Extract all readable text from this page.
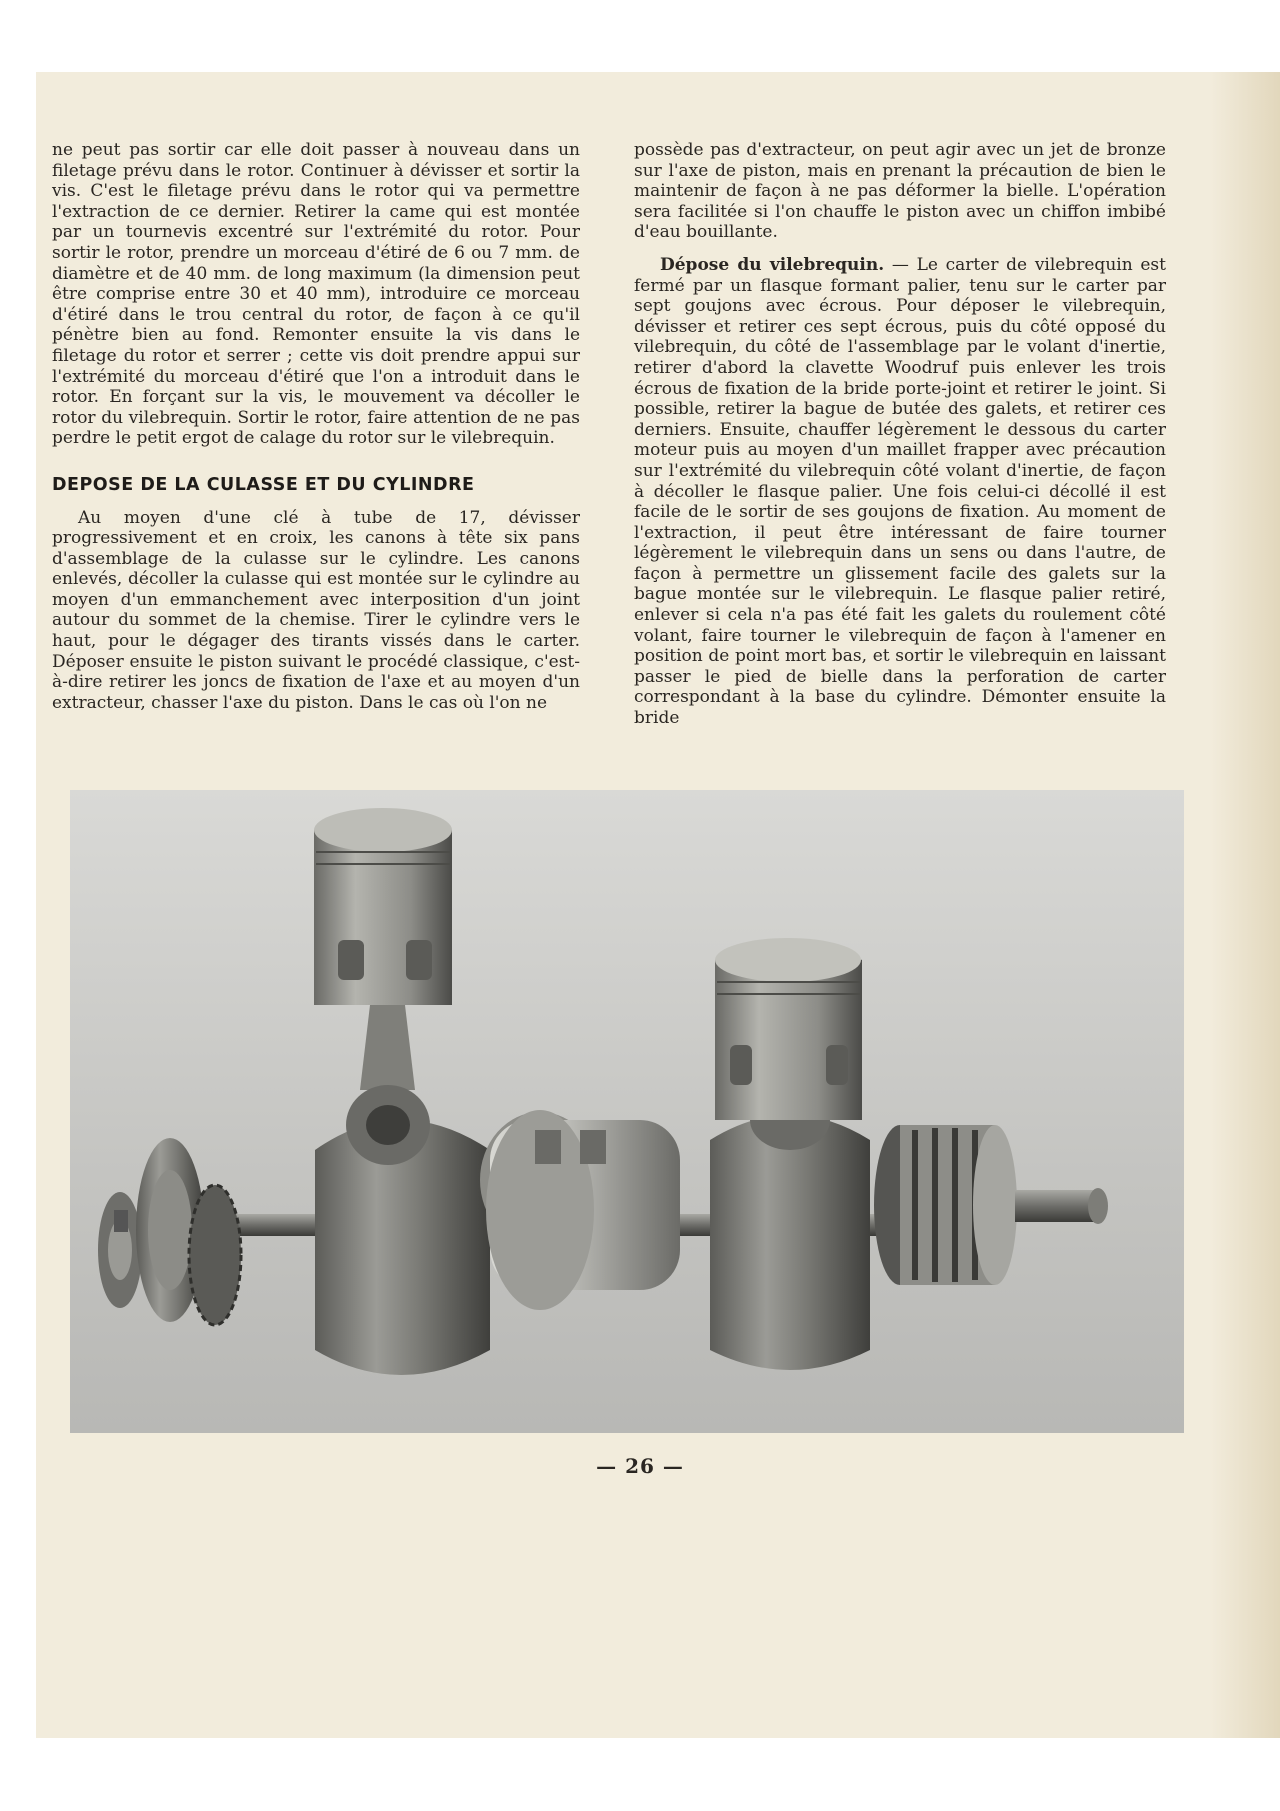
ne peut pas sortir car elle doit passer à nouveau dans un filetage prévu dans le rotor. Continuer à dévisser et sortir la vis. C'est le filetage prévu dans le rotor qui va permettre l'extraction de ce dernier. Retirer la came qui est montée par un tournevis excentré sur l'extrémité du rotor. Pour sortir le rotor, prendre un morceau d'étiré de 6 ou 7 mm. de diamètre et de 40 mm. de long maximum (la dimension peut être comprise entre 30 et 40 mm), introduire ce morceau d'étiré dans le trou central du rotor, de façon à ce qu'il pénètre bien au fond. Remonter ensuite la vis dans le filetage du rotor et serrer ; cette vis doit prendre appui sur l'extrémité du morceau d'étiré que l'on a introduit dans le rotor. En forçant sur la vis, le mouvement va décoller le rotor du vilebrequin. Sortir le rotor, faire attention de ne pas perdre le petit ergot de calage du rotor sur le vilebrequin.

DEPOSE DE LA CULASSE ET DU CYLINDRE

Au moyen d'une clé à tube de 17, dévisser progressivement et en croix, les canons à tête six pans d'assemblage de la culasse sur le cylindre. Les canons enlevés, décoller la culasse qui est montée sur le cylindre au moyen d'un emmanchement avec interposition d'un joint autour du sommet de la chemise. Tirer le cylindre vers le haut, pour le dégager des tirants vissés dans le carter. Déposer ensuite le piston suivant le procédé classique, c'est-à-dire retirer les joncs de fixation de l'axe et au moyen d'un extracteur, chasser l'axe du piston. Dans le cas où l'on ne

possède pas d'extracteur, on peut agir avec un jet de bronze sur l'axe de piston, mais en prenant la précaution de bien le maintenir de façon à ne pas déformer la bielle. L'opération sera facilitée si l'on chauffe le piston avec un chiffon imbibé d'eau bouillante.

Dépose du vilebrequin. — Le carter de vilebrequin est fermé par un flasque formant palier, tenu sur le carter par sept goujons avec écrous. Pour déposer le vilebrequin, dévisser et retirer ces sept écrous, puis du côté opposé du vilebrequin, du côté de l'assemblage par le volant d'inertie, retirer d'abord la clavette Woodruf puis enlever les trois écrous de fixation de la bride porte-joint et retirer le joint. Si possible, retirer la bague de butée des galets, et retirer ces derniers. Ensuite, chauffer légèrement le dessous du carter moteur puis au moyen d'un maillet frapper avec précaution sur l'extrémité du vilebrequin côté volant d'inertie, de façon à décoller le flasque palier. Une fois celui-ci décollé il est facile de le sortir de ses goujons de fixation. Au moment de l'extraction, il peut être intéressant de faire tourner légèrement le vilebrequin dans un sens ou dans l'autre, de façon à permettre un glissement facile des galets sur la bague montée sur le vilebrequin. Le flasque palier retiré, enlever si cela n'a pas été fait les galets du roulement côté volant, faire tourner le vilebrequin de façon à l'amener en position de point mort bas, et sortir le vilebrequin en laissant passer le pied de bielle dans la perforation de carter correspondant à la base du cylindre. Démonter ensuite la bride

— 26 —
